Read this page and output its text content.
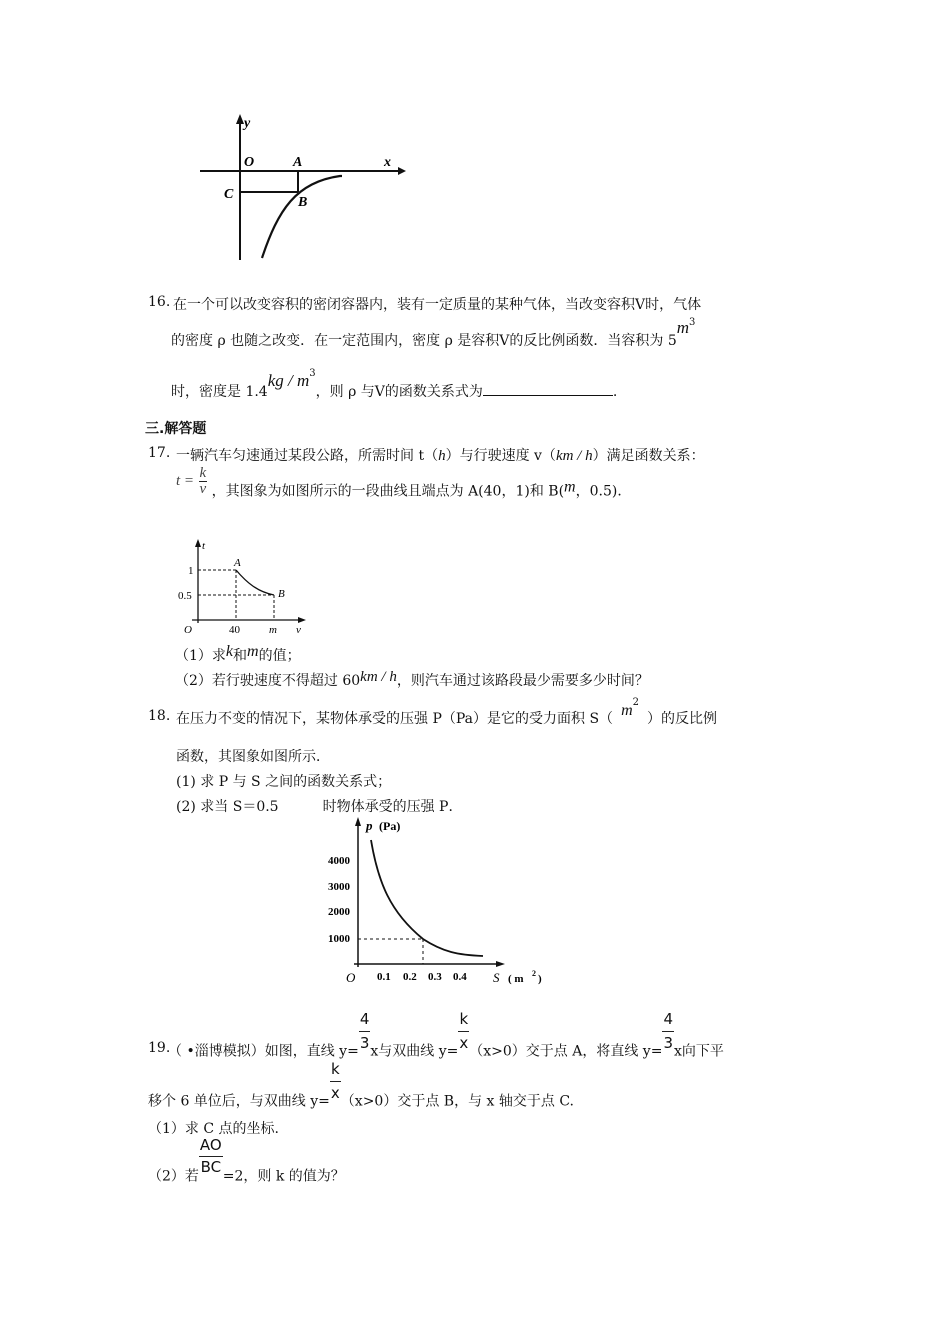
y
O	A	x
C
B
16. 在一个可以改变容积的密闭容器内，装有一定质量的某种气体，当改变容积V时，气体
的密度 ρ 也随之改变．在一定范围内，密度 ρ 是容积V的反比例函数．当容积为 $5m^3$
时，密度是 $1.4kg / m^3$，则 ρ 与V的函数关系式为	.
三.解答题
17. 一辆汽车匀速通过某段公路，所需时间 t（h）与行驶速度 v（km / h）满足函数关系：
$t = \frac{k}{v}$ ，其图象为如图所示的一段曲线且端点为 A(40，1)和 B(m，0.5)．
t
A
B
1
0.5
O	40	m v
（1）求k和m的值；
（2）若行驶速度不得超过 60km / h，则汽车通过该路段最少需要多少时间？
18. 在压力不变的情况下，某物体承受的压强 P（Pa）是它的受力面积 S（ $m^2$）的反比例
函数，其图象如图所示．
(1) 求 P 与 S 之间的函数关系式；
(2) 求当 S＝0.5	时物体承受的压强 P．
p (Pa)
4000
3000
2000
1000
O 0.1 0.2 0.3 0.4 S ( m 2 )
19.
（ •淄博模拟）如图，直线 y=
$\frac{4}{3}$
x与双曲线 y=
$\frac{k}{x}$
（x>0）交于点 A，将直线 y=
$\frac{4}{3}$
x向下平
移个 6 单位后，与双曲线 y=
$\frac{k}{x}$
（x>0）交于点 B，与 x 轴交于点 C.
（1）求 C 点的坐标.
（2）若
$\frac{AO}{BC}$
=2，则 k 的值为？
